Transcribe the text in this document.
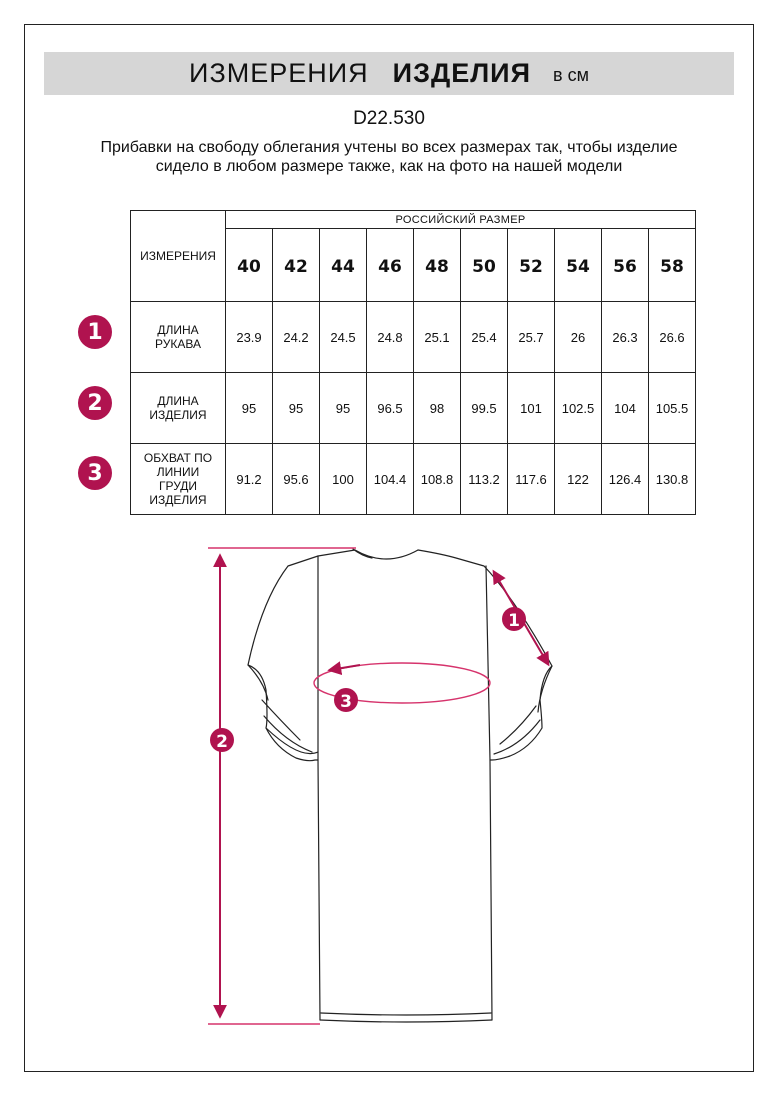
ИЗМЕРЕНИЯ ИЗДЕЛИЯ в см
D22.530
Прибавки на свободу облегания учтены во всех размерах так, чтобы изделие сидело в любом размере также, как на фото на нашей модели
ИЗМЕРЕНИЯ	РОССИЙСКИЙ РАЗМЕР									
	40	42	44	46	48	50	52	54	56	58
ДЛИНА
РУКАВА	23.9	24.2	24.5	24.8	25.1	25.4	25.7	26	26.3	26.6
ДЛИНА
ИЗДЕЛИЯ	95	95	95	96.5	98	99.5	101	102.5	104	105.5
ОБХВАТ ПО
ЛИНИИ
ГРУДИ
ИЗДЕЛИЯ	91.2	95.6	100	104.4	108.8	113.2	117.6	122	126.4	130.8
1
2
3
1
2
3
